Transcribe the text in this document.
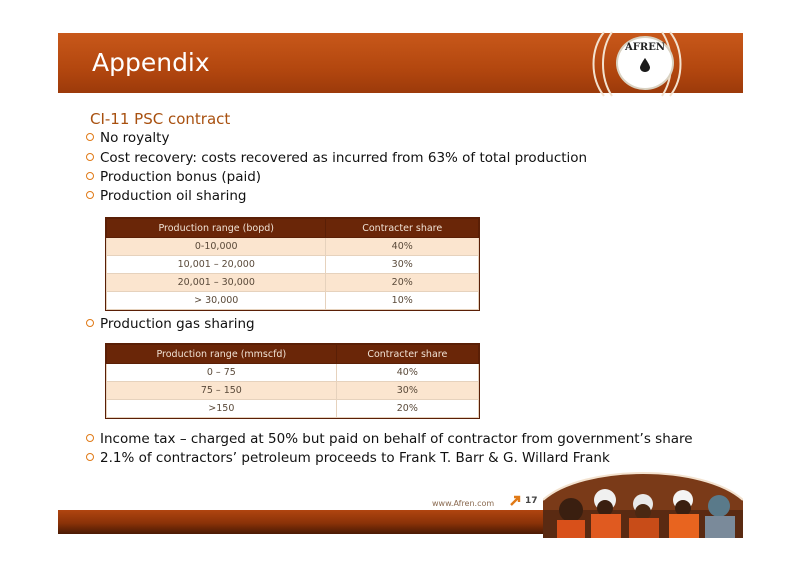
Appendix
AFREN
CI-11 PSC contract
No royalty
Cost recovery: costs recovered as incurred from 63% of total production
Production bonus (paid)
Production oil sharing
Production range (bopd)	Contracter share
0-10,000	40%
10,001 – 20,000	30%
20,001 – 30,000	20%
> 30,000	10%
Production gas sharing
Production range (mmscfd)	Contracter share
0 – 75	40%
75 – 150	30%
>150	20%
Income tax – charged at 50% but paid on behalf of contractor from government’s share
2.1% of contractors’ petroleum proceeds to Frank T. Barr & G. Willard Frank
www.Afren.com	17
